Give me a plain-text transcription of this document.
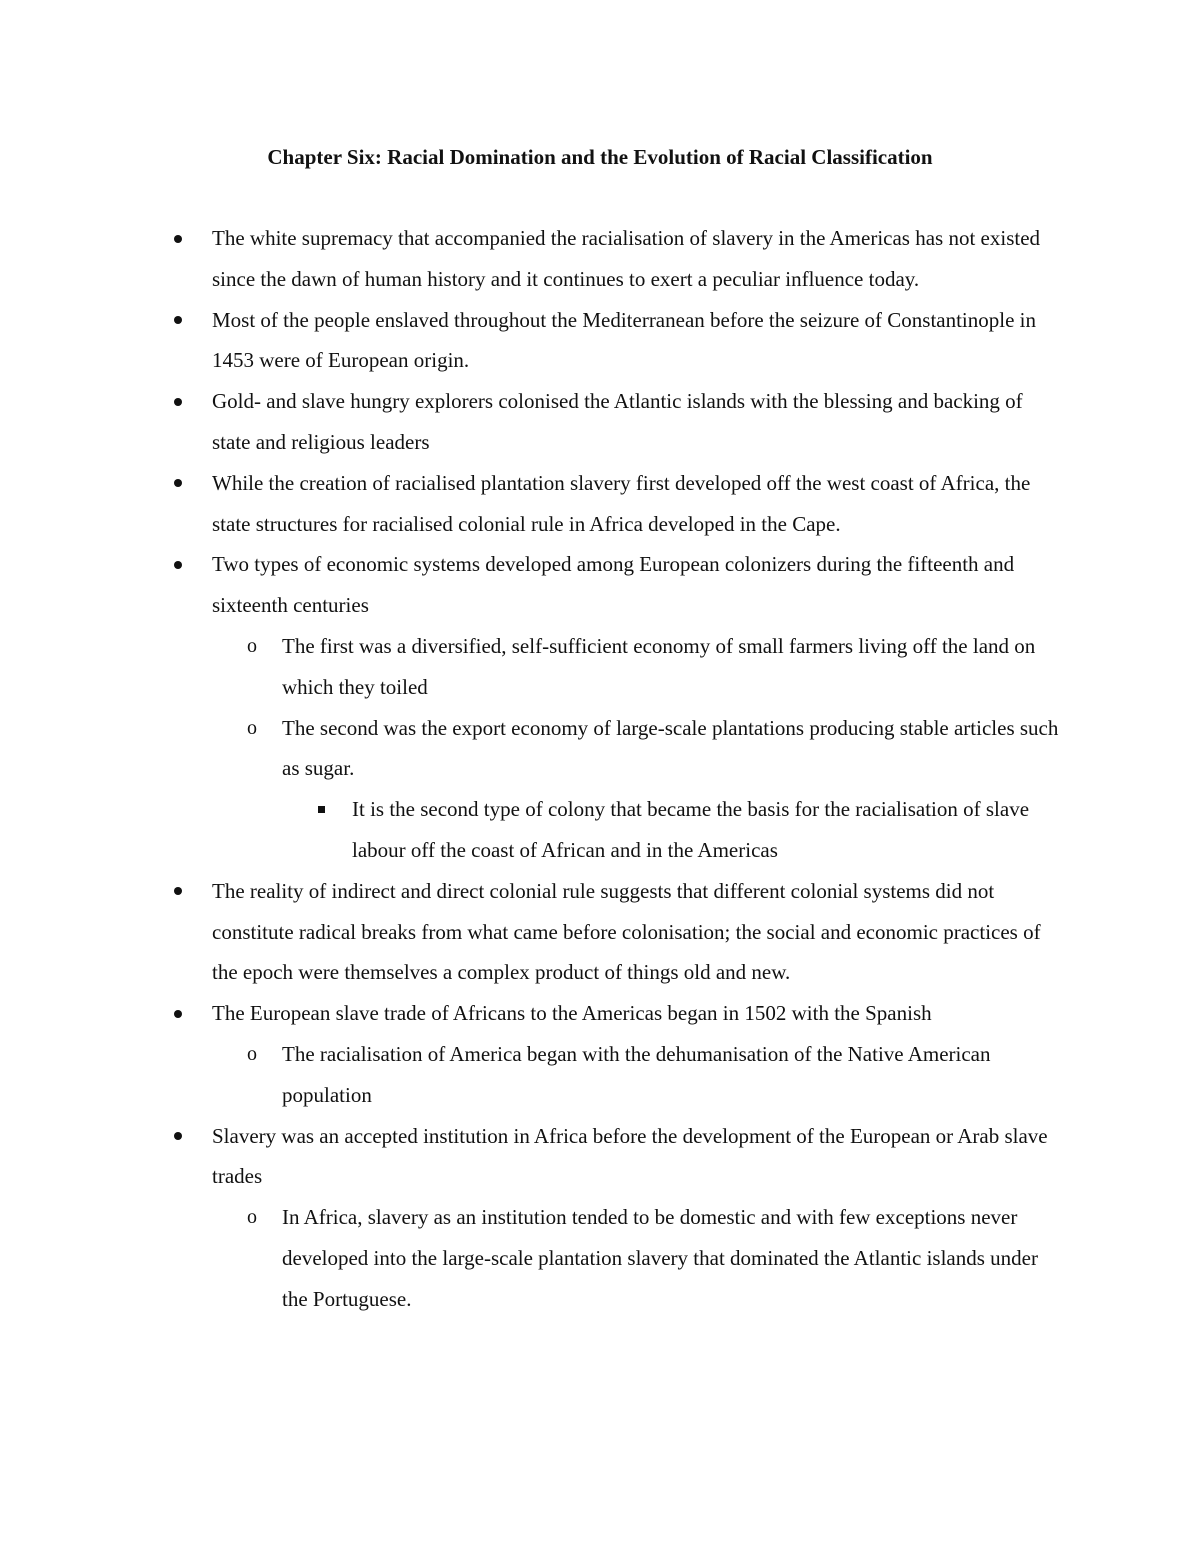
Chapter Six: Racial Domination and the Evolution of Racial Classification
The white supremacy that accompanied the racialisation of slavery in the Americas has not existed since the dawn of human history and it continues to exert a peculiar influence today.
Most of the people enslaved throughout the Mediterranean before the seizure of Constantinople in 1453 were of European origin.
Gold- and slave hungry explorers colonised the Atlantic islands with the blessing and backing of state and religious leaders
While the creation of racialised plantation slavery first developed off the west coast of Africa, the state structures for racialised colonial rule in Africa developed in the Cape.
Two types of economic systems developed among European colonizers during the fifteenth and sixteenth centuries
o The first was a diversified, self-sufficient economy of small farmers living off the land on which they toiled
o The second was the export economy of large-scale plantations producing stable articles such as sugar.
It is the second type of colony that became the basis for the racialisation of slave labour off the coast of African and in the Americas
The reality of indirect and direct colonial rule suggests that different colonial systems did not constitute radical breaks from what came before colonisation; the social and economic practices of the epoch were themselves a complex product of things old and new.
The European slave trade of Africans to the Americas began in 1502 with the Spanish
o The racialisation of America began with the dehumanisation of the Native American population
Slavery was an accepted institution in Africa before the development of the European or Arab slave trades
o In Africa, slavery as an institution tended to be domestic and with few exceptions never developed into the large-scale plantation slavery that dominated the Atlantic islands under the Portuguese.
